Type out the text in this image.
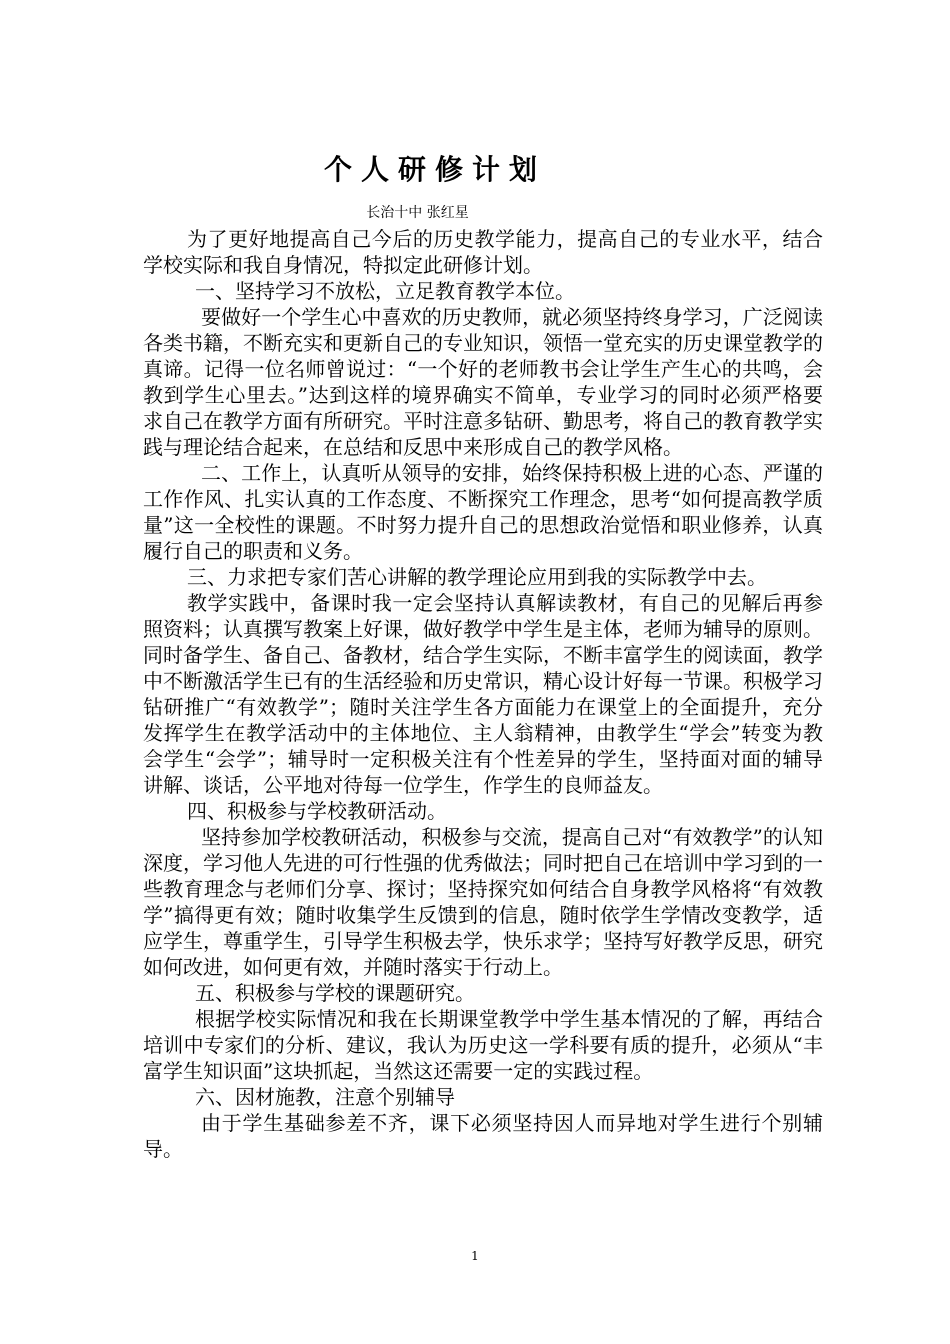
个人研修计划
长治十中 张红星

为了更好地提高自己今后的历史教学能力，提高自己的专业水平，结合学校实际和我自身情况，特拟定此研修计划。

一、坚持学习不放松，立足教育教学本位。

要做好一个学生心中喜欢的历史教师，就必须坚持终身学习，广泛阅读各类书籍，不断充实和更新自己的专业知识，领悟一堂充实的历史课堂教学的真谛。记得一位名师曾说过：“一个好的老师教书会让学生产生心的共鸣，会教到学生心里去。”达到这样的境界确实不简单，专业学习的同时必须严格要求自己在教学方面有所研究。平时注意多钻研、勤思考，将自己的教育教学实践与理论结合起来，在总结和反思中来形成自己的教学风格。

二、工作上，认真听从领导的安排，始终保持积极上进的心态、严谨的工作作风、扎实认真的工作态度、不断探究工作理念，思考“如何提高教学质量”这一全校性的课题。不时努力提升自己的思想政治觉悟和职业修养，认真履行自己的职责和义务。

三、力求把专家们苦心讲解的教学理论应用到我的实际教学中去。

教学实践中，备课时我一定会坚持认真解读教材，有自己的见解后再参照资料；认真撰写教案上好课，做好教学中学生是主体，老师为辅导的原则。同时备学生、备自己、备教材，结合学生实际，不断丰富学生的阅读面，教学中不断激活学生已有的生活经验和历史常识，精心设计好每一节课。积极学习钻研推广“有效教学”；随时关注学生各方面能力在课堂上的全面提升，充分发挥学生在教学活动中的主体地位、主人翁精神，由教学生“学会”转变为教会学生“会学”；辅导时一定积极关注有个性差异的学生，坚持面对面的辅导讲解、谈话，公平地对待每一位学生，作学生的良师益友。

四、积极参与学校教研活动。

坚持参加学校教研活动，积极参与交流，提高自己对“有效教学”的认知深度，学习他人先进的可行性强的优秀做法；同时把自己在培训中学习到的一些教育理念与老师们分享、探讨；坚持探究如何结合自身教学风格将“有效教学”搞得更有效；随时收集学生反馈到的信息，随时依学生学情改变教学，适应学生，尊重学生，引导学生积极去学，快乐求学；坚持写好教学反思，研究如何改进，如何更有效，并随时落实于行动上。

五、积极参与学校的课题研究。

根据学校实际情况和我在长期课堂教学中学生基本情况的了解，再结合培训中专家们的分析、建议，我认为历史这一学科要有质的提升，必须从“丰富学生知识面”这块抓起，当然这还需要一定的实践过程。

六、因材施教，注意个别辅导

由于学生基础参差不齐，课下必须坚持因人而异地对学生进行个别辅导。

1
